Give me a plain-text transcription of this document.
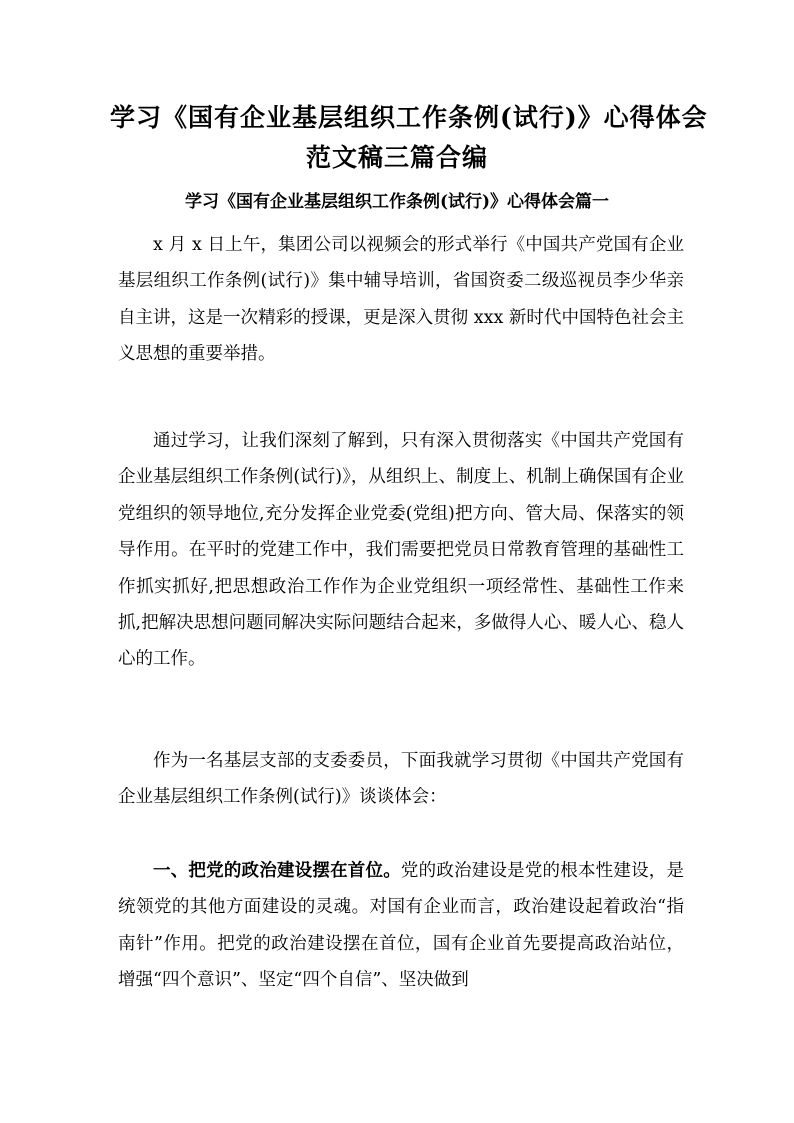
学习《国有企业基层组织工作条例(试行)》心得体会
范文稿三篇合编
学习《国有企业基层组织工作条例(试行)》心得体会篇一

x 月 x 日上午，集团公司以视频会的形式举行《中国共产党国有企业基层组织工作条例(试行)》集中辅导培训，省国资委二级巡视员李少华亲自主讲，这是一次精彩的授课，更是深入贯彻 xxx 新时代中国特色社会主义思想的重要举措。

通过学习，让我们深刻了解到，只有深入贯彻落实《中国共产党国有企业基层组织工作条例(试行)》，从组织上、制度上、机制上确保国有企业党组织的领导地位,充分发挥企业党委(党组)把方向、管大局、保落实的领导作用。在平时的党建工作中，我们需要把党员日常教育管理的基础性工作抓实抓好,把思想政治工作作为企业党组织一项经常性、基础性工作来抓,把解决思想问题同解决实际问题结合起来，多做得人心、暖人心、稳人心的工作。

作为一名基层支部的支委委员，下面我就学习贯彻《中国共产党国有企业基层组织工作条例(试行)》谈谈体会：

一、把党的政治建设摆在首位。党的政治建设是党的根本性建设，是统领党的其他方面建设的灵魂。对国有企业而言，政治建设起着政治“指南针”作用。把党的政治建设摆在首位，国有企业首先要提高政治站位，增强“四个意识”、坚定“四个自信”、坚决做到
